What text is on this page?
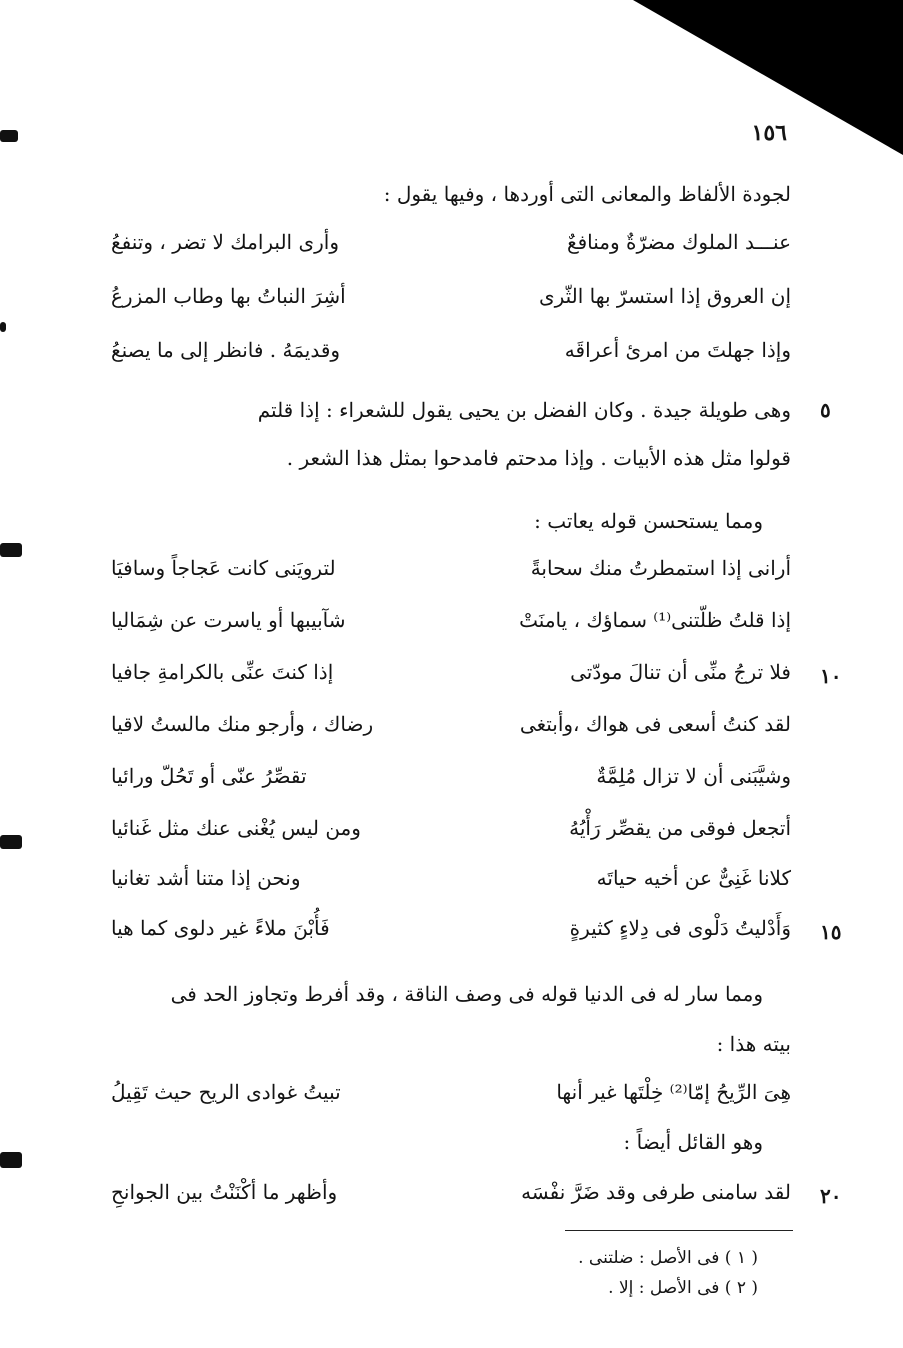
١٥٦
لجودة الألفاظ والمعانى التى أوردها ، وفيها يقول :
عنـــد الملوك مضرّةٌ ومنافعٌ
وأرى البرامك لا تضر ، وتنفعُ
إن العروق إذا استسرّ بها الثّرى
أشِرَ النباتُ بها وطاب المزرعُ
وإذا جهلتَ من امرئ أعراقَه
وقديمَهُ . فانظر إلى ما يصنعُ
٥
وهى طويلة جيدة . وكان الفضل بن يحيى يقول للشعراء : إذا قلتم
قولوا مثل هذه الأبيات . وإذا مدحتم فامدحوا بمثل هذا الشعر .
ومما يستحسن قوله يعاتب :
أرانى إذا استمطرتُ منك سحابةً
لترويَنى كانت عَجاجاً وسافيَا
إذا قلتُ ظلّتنى⁽¹⁾ سماؤك ، يامنَتْ
شآبيبها أو ياسرت عن شِمَاليا
١٠
فلا ترجُ منِّى أن تنالَ مودّتى
إذا كنتَ عنِّى بالكرامةِ جافيا
لقد كنتُ أسعى فى هواك ،وأبتغى
رضاك ، وأرجو منك مالستُ لاقيا
وشيَّبَنى أن لا تزال مُلِمَّةٌ
تقصِّرُ عنّى أو تَحُلّ ورائيا
أتجعل فوقى من يقصِّر رَأْيُهُ
ومن ليس يُغْنى عنك مثل غَنائيا
كلانا غَنِىٌّ عن أخيه حياتَه
ونحن إذا متنا أشد تغانيا
١٥
وَأَدْليتُ دَلْوى فى دِلاءٍ كثيرةٍ
فَأُبْنَ ملاءً غير دلوى كما هيا
ومما سار له فى الدنيا قوله فى وصف الناقة ، وقد أفرط وتجاوز الحد فى
بيته هذا :
هِىَ الرِّيحُ إمّا⁽²⁾ خِلْتَها غير أنها
تبيتُ غوادى الريح حيث تَقِيلُ
وهو القائل أيضاً :
٢٠
لقد سامنى طرفى وقد ضَرَّ نفْسَه
وأظهر ما أكْنَنْتُ بين الجوانحِ
( ١ ) فى الأصل : ضلتنى .
( ٢ ) فى الأصل : إلا .
